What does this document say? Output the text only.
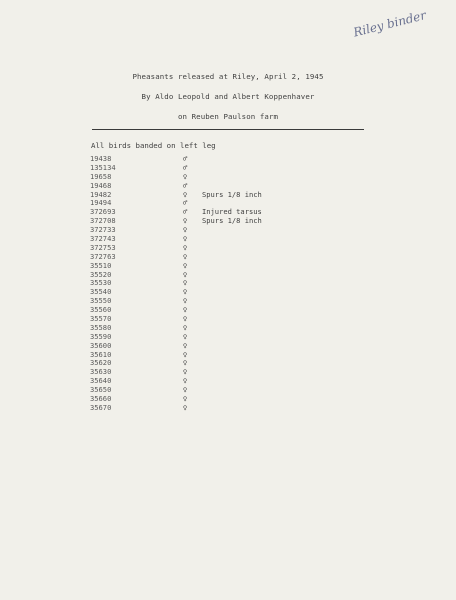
Riley binder
Pheasants released at Riley, April 2, 1945
By Aldo Leopold and Albert Koppenhaver
on Reuben Paulson farm
All birds banded on left leg
19438	♂
135134	♂
19658	♀
19468	♂
19482	♀	Spurs 1/8 inch
19494	♂
372693	♂	Injured tarsus
372708	♀	Spurs 1/8 inch
372733	♀
372743	♀
372753	♀
372763	♀
35510	♀
35520	♀
35530	♀
35540	♀
35550	♀
35560	♀
35570	♀
35580	♀
35590	♀
35600	♀
35610	♀
35620	♀
35630	♀
35640	♀
35650	♀
35660	♀
35670	♀
